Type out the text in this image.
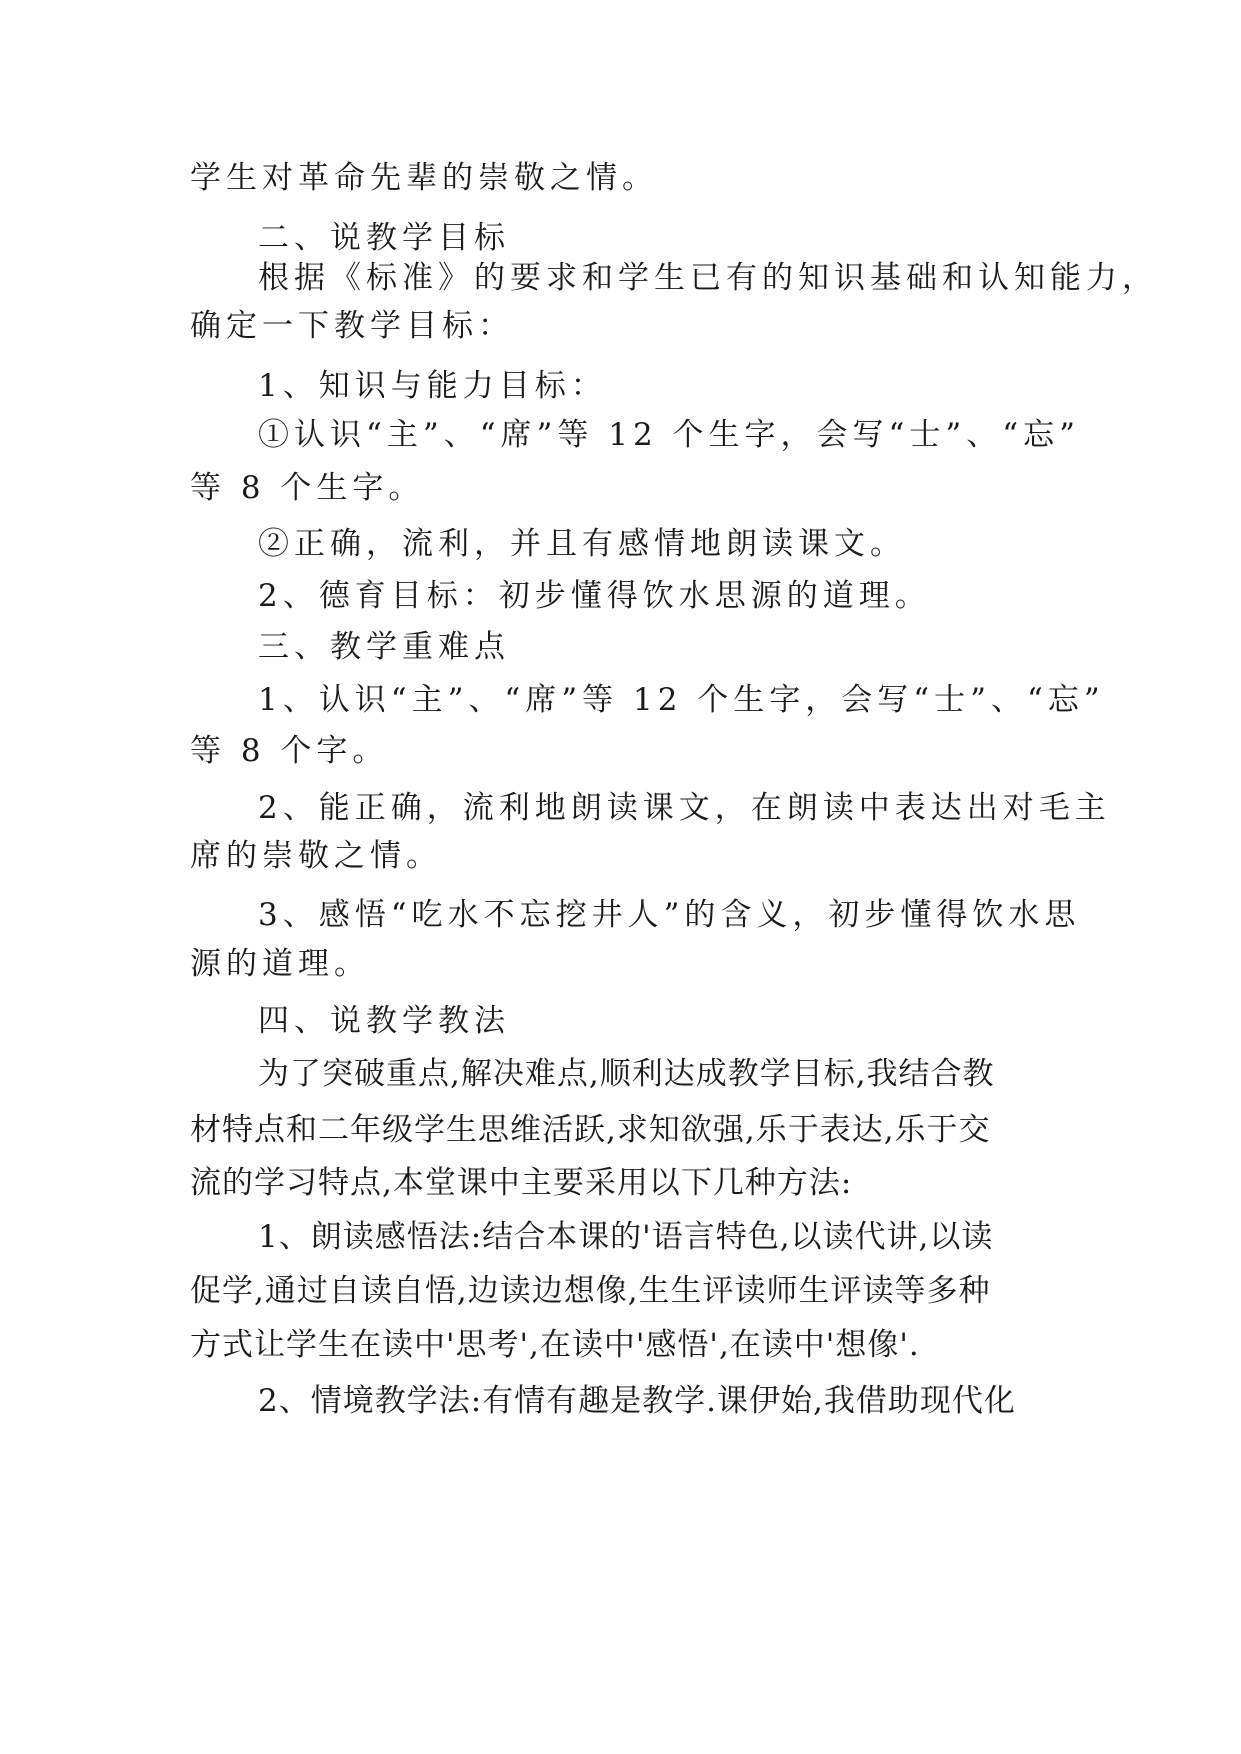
学生对革命先辈的崇敬之情。
二、说教学目标
根据《标准》的要求和学生已有的知识基础和认知能力，
确定一下教学目标：
1、知识与能力目标：
①认识“主”、“席”等 12 个生字，会写“士”、“忘”
等 8 个生字。
②正确，流利，并且有感情地朗读课文。
2、德育目标：初步懂得饮水思源的道理。
三、教学重难点
1、认识“主”、“席”等 12 个生字，会写“士”、“忘”
等 8 个字。
2、能正确，流利地朗读课文，在朗读中表达出对毛主
席的崇敬之情。
3、感悟“吃水不忘挖井人”的含义，初步懂得饮水思
源的道理。
四、说教学教法
为了突破重点,解决难点,顺利达成教学目标,我结合教
材特点和二年级学生思维活跃,求知欲强,乐于表达,乐于交
流的学习特点,本堂课中主要采用以下几种方法:
1、朗读感悟法:结合本课的'语言特色,以读代讲,以读
促学,通过自读自悟,边读边想像,生生评读师生评读等多种
方式让学生在读中'思考',在读中'感悟',在读中'想像'.
2、情境教学法:有情有趣是教学.课伊始,我借助现代化
